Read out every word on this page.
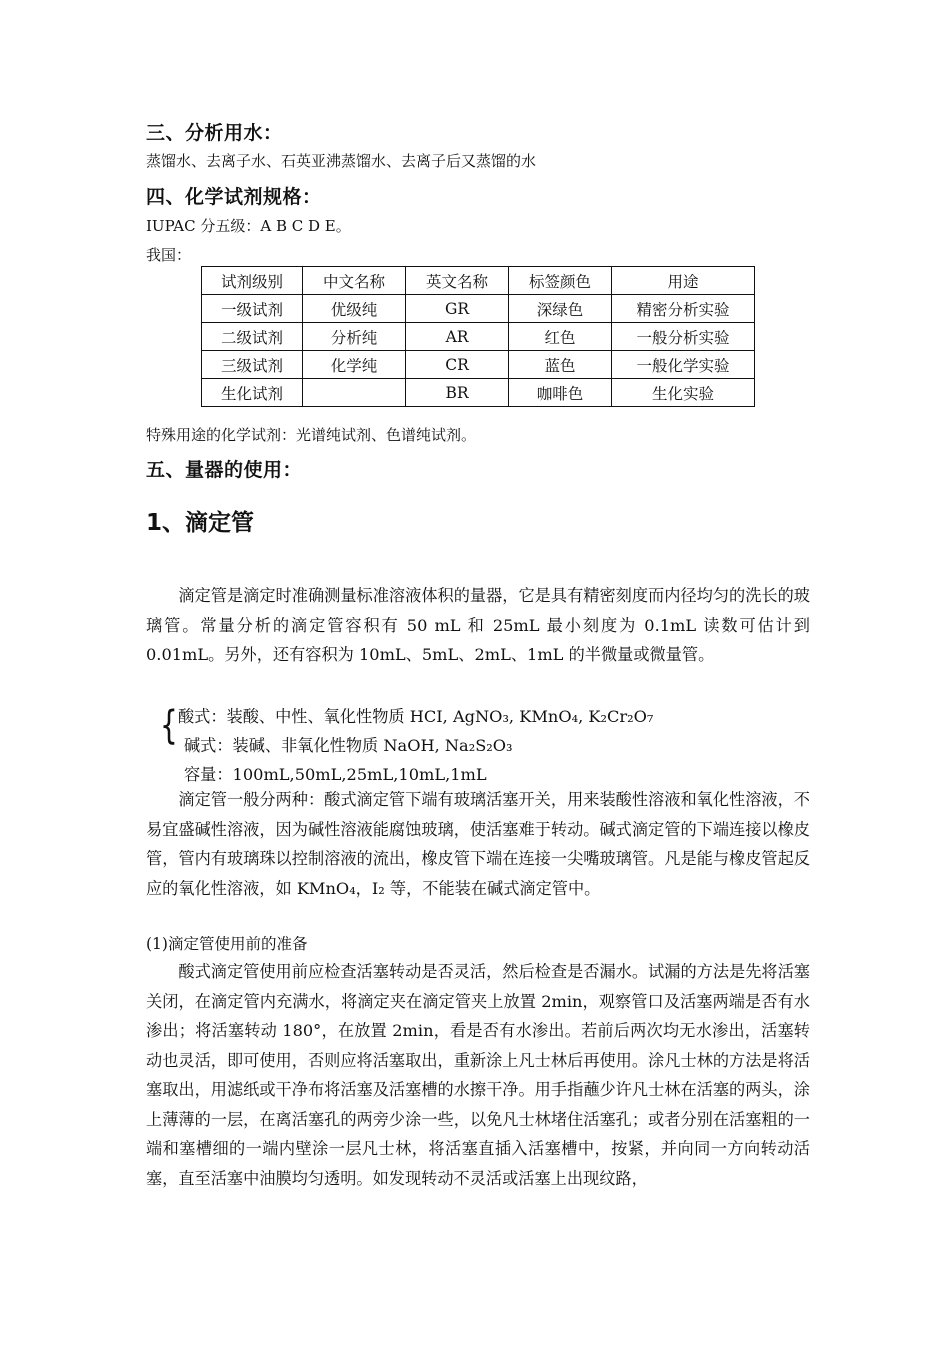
三、分析用水：
蒸馏水、去离子水、石英亚沸蒸馏水、去离子后又蒸馏的水
四、化学试剂规格：
IUPAC 分五级：A B C D E。
我国：
试剂级别	中文名称	英文名称	标签颜色	用途
一级试剂	优级纯	GR	深绿色	精密分析实验
二级试剂	分析纯	AR	红色	一般分析实验
三级试剂	化学纯	CR	蓝色	一般化学实验
生化试剂		BR	咖啡色	生化实验
特殊用途的化学试剂：光谱纯试剂、色谱纯试剂。
五、量器的使用：
1、滴定管
滴定管是滴定时准确测量标准溶液体积的量器，它是具有精密刻度而内径均匀的洗长的玻璃管。常量分析的滴定管容积有 50 mL 和 25mL 最小刻度为 0.1mL 读数可估计到 0.01mL。另外，还有容积为 10mL、5mL、2mL、1mL 的半微量或微量管。
{ 酸式：装酸、中性、氧化性物质 HCI, AgNO₃, KMnO₄, K₂Cr₂O₇
碱式：装碱、非氧化性物质 NaOH, Na₂S₂O₃
容量：100mL,50mL,25mL,10mL,1mL
滴定管一般分两种：酸式滴定管下端有玻璃活塞开关，用来装酸性溶液和氧化性溶液，不易宜盛碱性溶液，因为碱性溶液能腐蚀玻璃，使活塞难于转动。碱式滴定管的下端连接以橡皮管，管内有玻璃珠以控制溶液的流出，橡皮管下端在连接一尖嘴玻璃管。凡是能与橡皮管起反应的氧化性溶液，如 KMnO₄，I₂ 等，不能装在碱式滴定管中。
(1)滴定管使用前的准备
酸式滴定管使用前应检查活塞转动是否灵活，然后检查是否漏水。试漏的方法是先将活塞关闭，在滴定管内充满水，将滴定夹在滴定管夹上放置 2min，观察管口及活塞两端是否有水渗出；将活塞转动 180°，在放置 2min，看是否有水渗出。若前后两次均无水渗出，活塞转动也灵活，即可使用，否则应将活塞取出，重新涂上凡士林后再使用。涂凡士林的方法是将活塞取出，用滤纸或干净布将活塞及活塞槽的水擦干净。用手指蘸少许凡士林在活塞的两头，涂上薄薄的一层，在离活塞孔的两旁少涂一些，以免凡士林堵住活塞孔；或者分别在活塞粗的一端和塞槽细的一端内壁涂一层凡士林，将活塞直插入活塞槽中，按紧，并向同一方向转动活塞，直至活塞中油膜均匀透明。如发现转动不灵活或活塞上出现纹路，
